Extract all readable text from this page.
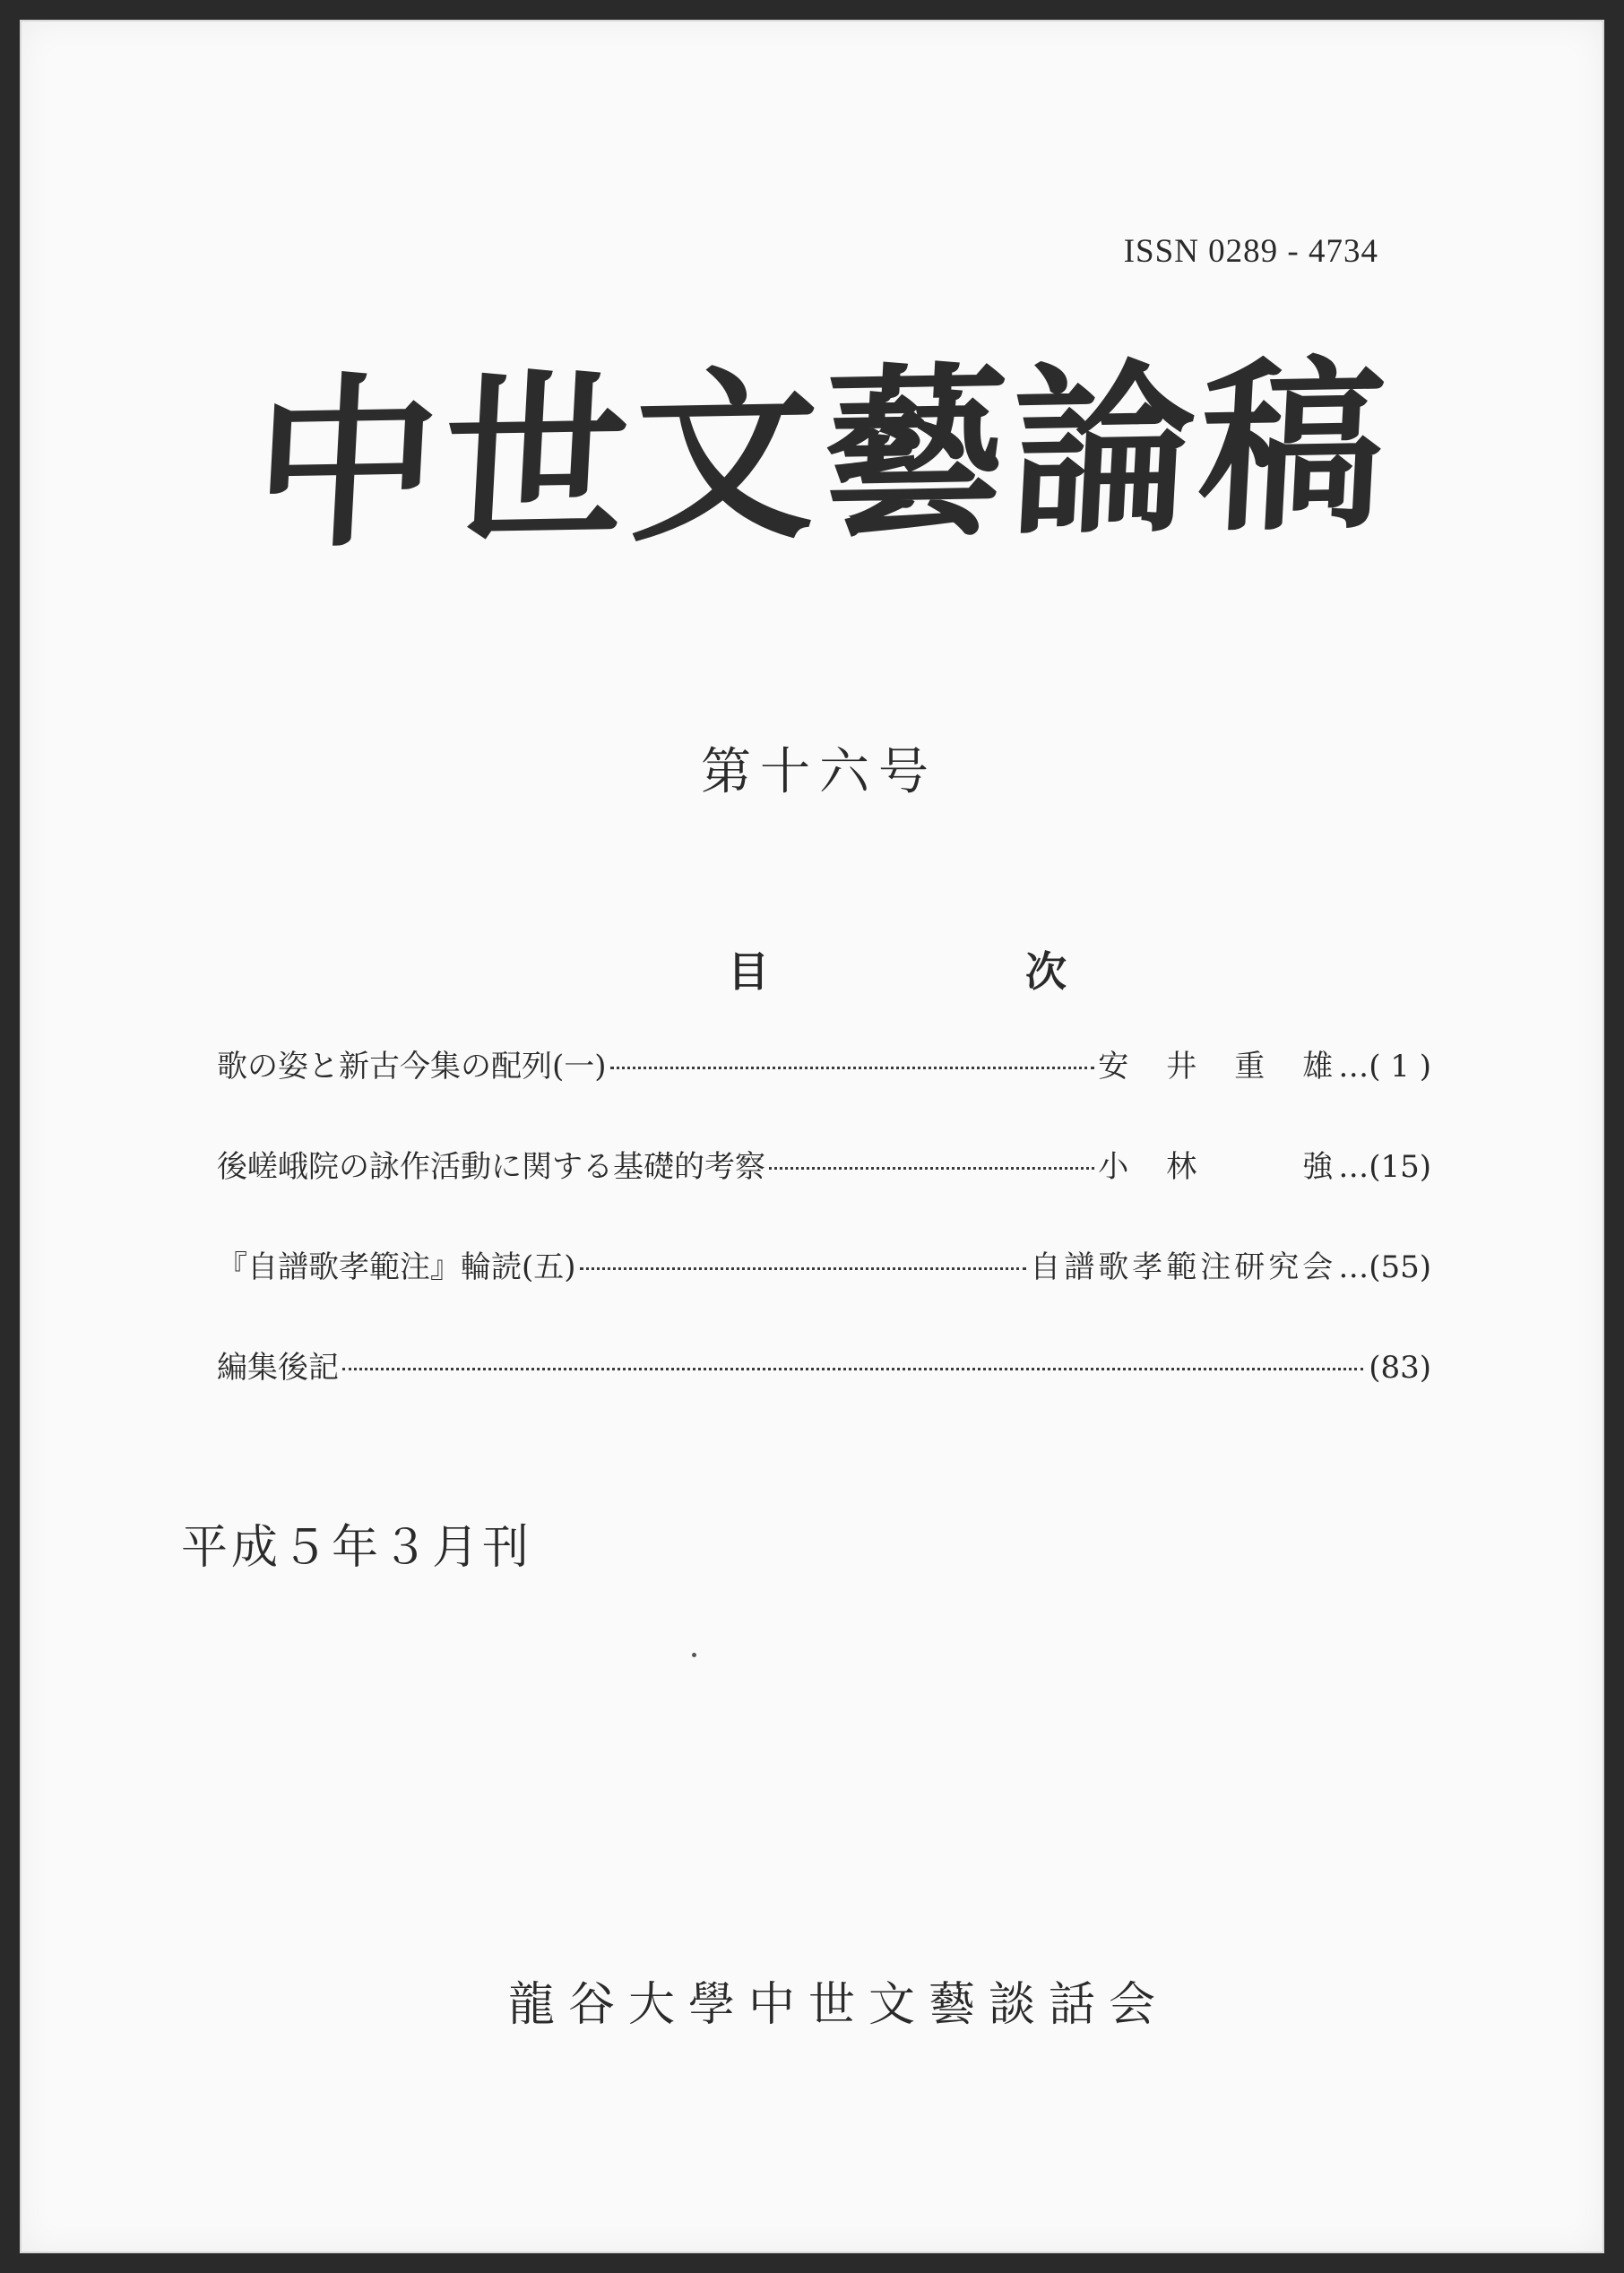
ISSN 0289 - 4734
中世文藝論稿
第十六号
目　次
歌の姿と新古今集の配列(一)	安　井　重　雄 …( 1 )
後嵯峨院の詠作活動に関する基礎的考察	小　林　　　強 …(15)
『自譜歌孝範注』輪読(五)	自譜歌孝範注研究会 …(55)
編集後記	(83)
平成５年３月刊
龍谷大學中世文藝談話会
